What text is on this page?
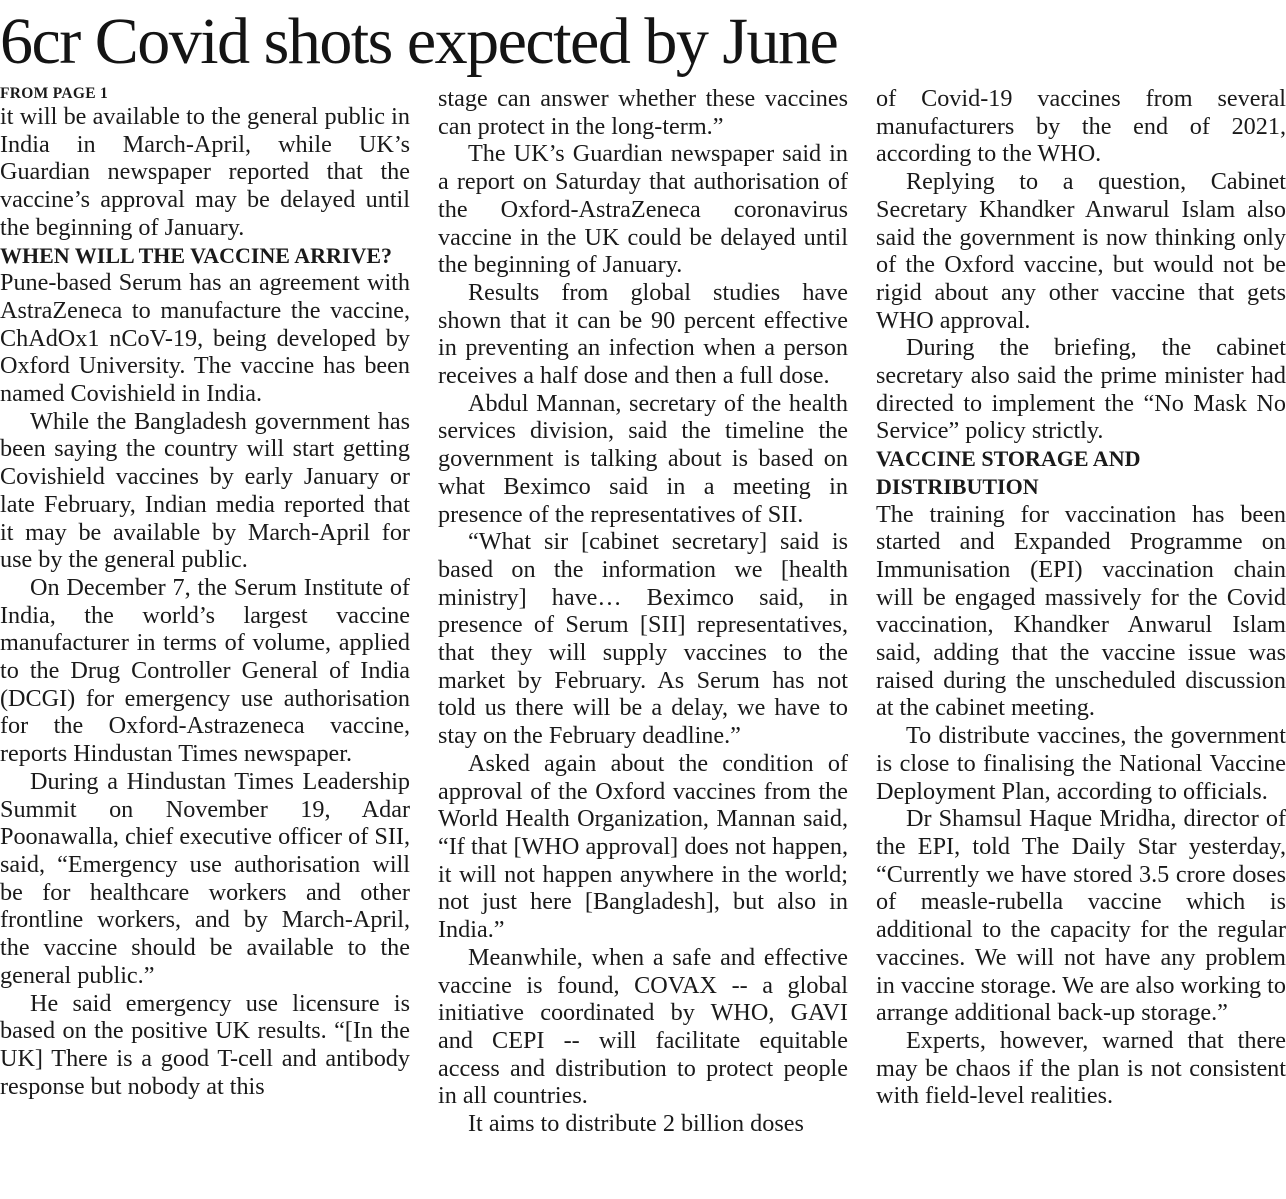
6cr Covid shots expected by June
FROM PAGE 1

it will be available to the general public in India in March-April, while UK’s Guardian newspaper reported that the vaccine’s approval may be delayed until the beginning of January.

WHEN WILL THE VACCINE ARRIVE?

Pune-based Serum has an agreement with AstraZeneca to manufacture the vaccine, ChAdOx1 nCoV-19, being developed by Oxford University. The vaccine has been named Covishield in India.

While the Bangladesh government has been saying the country will start getting Covishield vaccines by early January or late February, Indian media reported that it may be available by March-April for use by the general public.

On December 7, the Serum Institute of India, the world’s largest vaccine manufacturer in terms of volume, applied to the Drug Controller General of India (DCGI) for emergency use authorisation for the Oxford-Astrazeneca vaccine, reports Hindustan Times newspaper.

During a Hindustan Times Leadership Summit on November 19, Adar Poonawalla, chief executive officer of SII, said, “Emergency use authorisation will be for healthcare workers and other frontline workers, and by March-April, the vaccine should be available to the general public.”

He said emergency use licensure is based on the positive UK results. “[In the UK] There is a good T-cell and antibody response but nobody at this

stage can answer whether these vaccines can protect in the long-term.”

The UK’s Guardian newspaper said in a report on Saturday that authorisation of the Oxford-AstraZeneca coronavirus vaccine in the UK could be delayed until the beginning of January.

Results from global studies have shown that it can be 90 percent effective in preventing an infection when a person receives a half dose and then a full dose.

Abdul Mannan, secretary of the health services division, said the timeline the government is talking about is based on what Beximco said in a meeting in presence of the representatives of SII.

“What sir [cabinet secretary] said is based on the information we [health ministry] have… Beximco said, in presence of Serum [SII] representatives, that they will supply vaccines to the market by February. As Serum has not told us there will be a delay, we have to stay on the February deadline.”

Asked again about the condition of approval of the Oxford vaccines from the World Health Organization, Mannan said, “If that [WHO approval] does not happen, it will not happen anywhere in the world; not just here [Bangladesh], but also in India.”

Meanwhile, when a safe and effective vaccine is found, COVAX -- a global initiative coordinated by WHO, GAVI and CEPI -- will facilitate equitable access and distribution to protect people in all countries.

It aims to distribute 2 billion doses

of Covid-19 vaccines from several manufacturers by the end of 2021, according to the WHO.

Replying to a question, Cabinet Secretary Khandker Anwarul Islam also said the government is now thinking only of the Oxford vaccine, but would not be rigid about any other vaccine that gets WHO approval.

During the briefing, the cabinet secretary also said the prime minister had directed to implement the “No Mask No Service” policy strictly.

VACCINE STORAGE AND DISTRIBUTION

The training for vaccination has been started and Expanded Programme on Immunisation (EPI) vaccination chain will be engaged massively for the Covid vaccination, Khandker Anwarul Islam said, adding that the vaccine issue was raised during the unscheduled discussion at the cabinet meeting.

To distribute vaccines, the government is close to finalising the National Vaccine Deployment Plan, according to officials.

Dr Shamsul Haque Mridha, director of the EPI, told The Daily Star yesterday, “Currently we have stored 3.5 crore doses of measle-rubella vaccine which is additional to the capacity for the regular vaccines. We will not have any problem in vaccine storage. We are also working to arrange additional back-up storage.”

Experts, however, warned that there may be chaos if the plan is not consistent with field-level realities.
